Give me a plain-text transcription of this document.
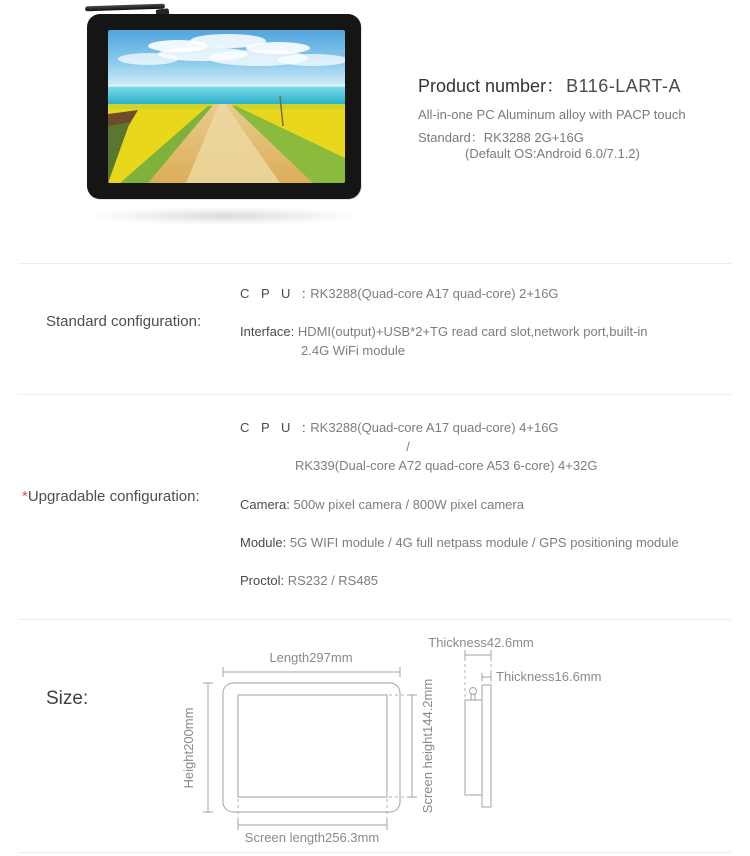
Product number： B116-LART-A
All-in-one PC Aluminum alloy with PACP touch
Standard：RK3288 2G+16G
(Default OS:Android 6.0/7.1.2)
Standard configuration:
C P U : RK3288(Quad-core A17 quad-core) 2+16G
Interface: HDMI(output)+USB*2+TG read card slot,network port,built-in
2.4G WiFi module
C P U : RK3288(Quad-core A17 quad-core) 4+16G
/
RK339(Dual-core A72 quad-core A53 6-core) 4+32G
*Upgradable configuration:	Camera: 500w pixel camera / 800W pixel camera
Module: 5G WIFI module / 4G full netpass module / GPS positioning module
Proctol: RS232 / RS485
Size:
Length297mm
Height200mm	Screen height144.2mm
Screen length256.3mm
Thickness42.6mm
Thickness16.6mm
